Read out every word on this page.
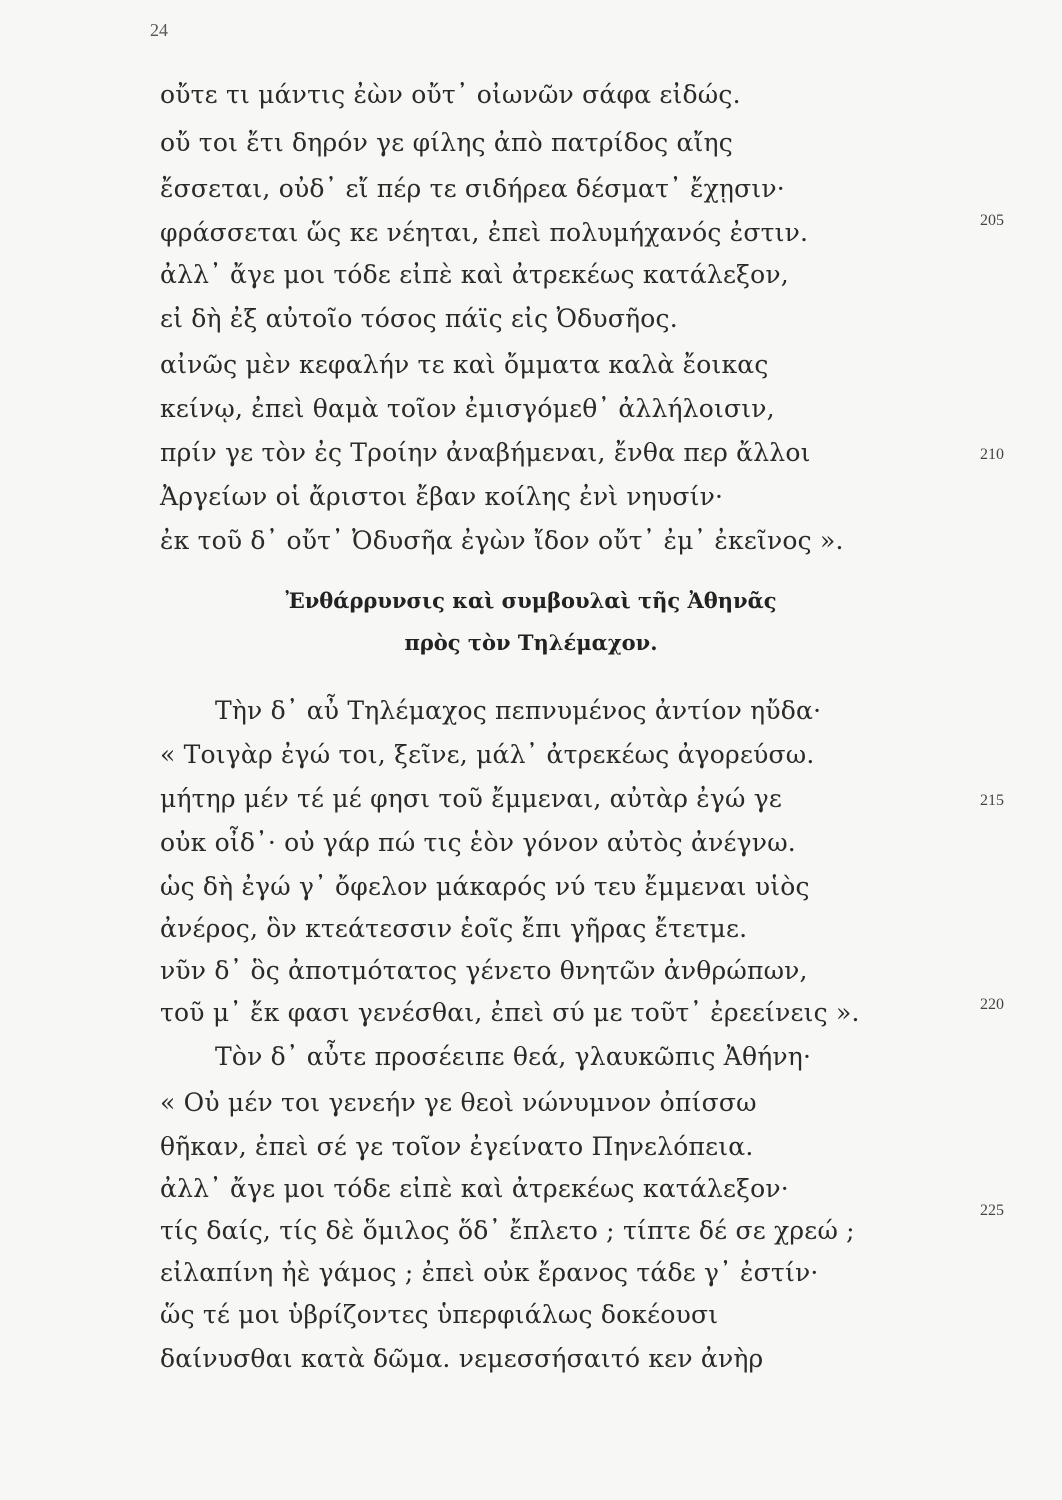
24
οὔτε τι μάντις ἐὼν οὔτ᾽ οἰωνῶν σάφα εἰδώς.
οὔ τοι ἔτι δηρόν γε φίλης ἀπὸ πατρίδος αἴης
ἔσσεται, οὐδ᾽ εἴ πέρ τε σιδήρεα δέσματ᾽ ἔχῃσιν·
φράσσεται ὥς κε νέηται, ἐπεὶ πολυμήχανός ἐστιν.	205
ἀλλ᾽ ἄγε μοι τόδε εἰπὲ καὶ ἀτρεκέως κατάλεξον,
εἰ δὴ ἐξ αὐτοῖο τόσος πάϊς εἰς Ὀδυσῆος.
αἰνῶς μὲν κεφαλήν τε καὶ ὄμματα καλὰ ἔοικας
κείνῳ, ἐπεὶ θαμὰ τοῖον ἐμισγόμεθ᾽ ἀλλήλοισιν,
πρίν γε τὸν ἐς Τροίην ἀναβήμεναι, ἔνθα περ ἄλλοι	210
Ἀργείων οἱ ἄριστοι ἔβαν κοίλης ἐνὶ νηυσίν·
ἐκ τοῦ δ᾽ οὔτ᾽ Ὀδυσῆα ἐγὼν ἴδον οὔτ᾽ ἐμ᾽ ἐκεῖνος ».
Ἐνθάρρυνσις καὶ συμβουλαὶ τῆς Ἀθηνᾶς
πρὸς τὸν Τηλέμαχον.
Τὴν δ᾽ αὖ Τηλέμαχος πεπνυμένος ἀντίον ηὔδα·
« Τοιγὰρ ἐγώ τοι, ξεῖνε, μάλ᾽ ἀτρεκέως ἀγορεύσω.
μήτηρ μέν τέ μέ φησι τοῦ ἔμμεναι, αὐτὰρ ἐγώ γε	215
οὐκ οἶδ᾽· οὐ γάρ πώ τις ἑὸν γόνον αὐτὸς ἀνέγνω.
ὡς δὴ ἐγώ γ᾽ ὄφελον μάκαρός νύ τευ ἔμμεναι υἱὸς
ἀνέρος, ὃν κτεάτεσσιν ἑοῖς ἔπι γῆρας ἔτετμε.
νῦν δ᾽ ὃς ἀποτμότατος γένετο θνητῶν ἀνθρώπων,
τοῦ μ᾽ ἔκ φασι γενέσθαι, ἐπεὶ σύ με τοῦτ᾽ ἐρεείνεις ».	220
Τὸν δ᾽ αὖτε προσέειπε θεά, γλαυκῶπις Ἀθήνη·
« Οὐ μέν τοι γενεήν γε θεοὶ νώνυμνον ὀπίσσω
θῆκαν, ἐπεὶ σέ γε τοῖον ἐγείνατο Πηνελόπεια.
ἀλλ᾽ ἄγε μοι τόδε εἰπὲ καὶ ἀτρεκέως κατάλεξον·
τίς δαίς, τίς δὲ ὅμιλος ὅδ᾽ ἔπλετο ; τίπτε δέ σε χρεώ ;
225
εἰλαπίνη ἠὲ γάμος ; ἐπεὶ οὐκ ἔρανος τάδε γ᾽ ἐστίν·
ὥς τέ μοι ὑβρίζοντες ὑπερφιάλως δοκέουσι
δαίνυσθαι κατὰ δῶμα. νεμεσσήσαιτό κεν ἀνὴρ
